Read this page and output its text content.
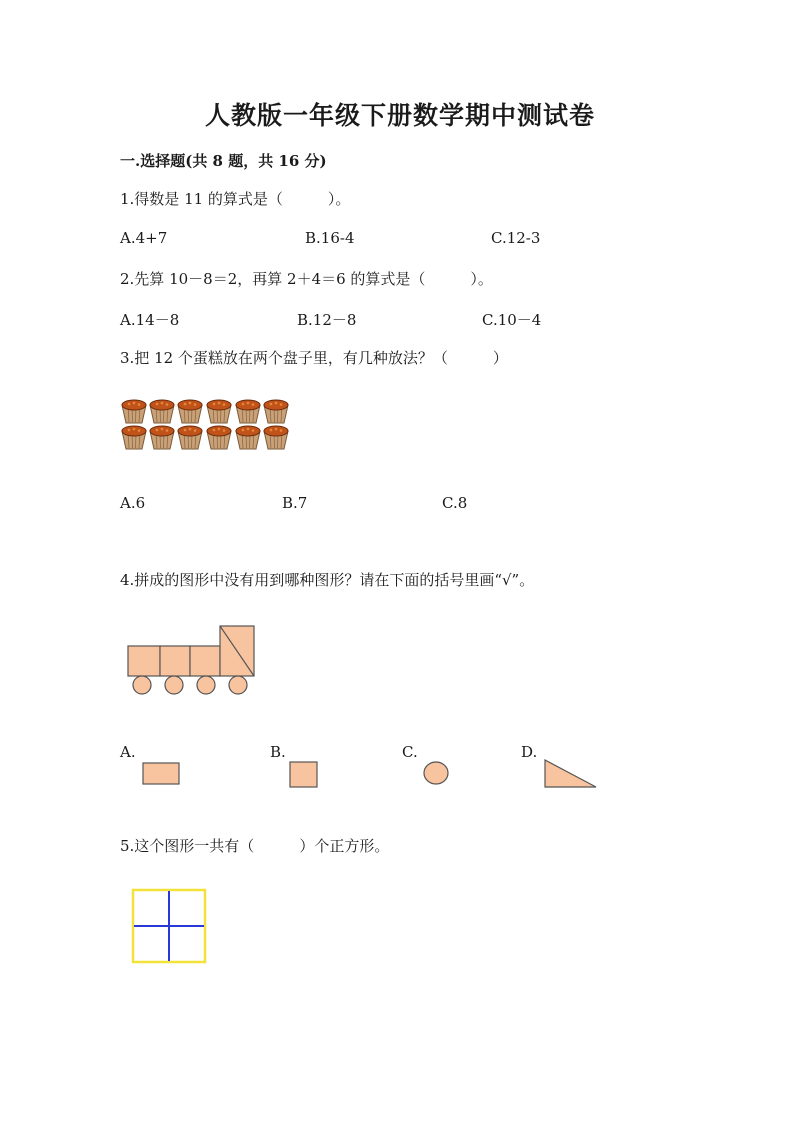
人教版一年级下册数学期中测试卷
一.选择题(共 8 题，共 16 分)
1.得数是 11 的算式是（　　　）。
A.4+7	B.16-4	C.12-3
2.先算 10－8＝2，再算 2＋4＝6 的算式是（　　　）。
A.14－8	B.12－8	C.10－4
3.把 12 个蛋糕放在两个盘子里，有几种放法？（　　　）
A.6	B.7	C.8
4.拼成的图形中没有用到哪种图形？请在下面的括号里画“√”。
A.	B.	C.	D.
5.这个图形一共有（　　　）个正方形。
